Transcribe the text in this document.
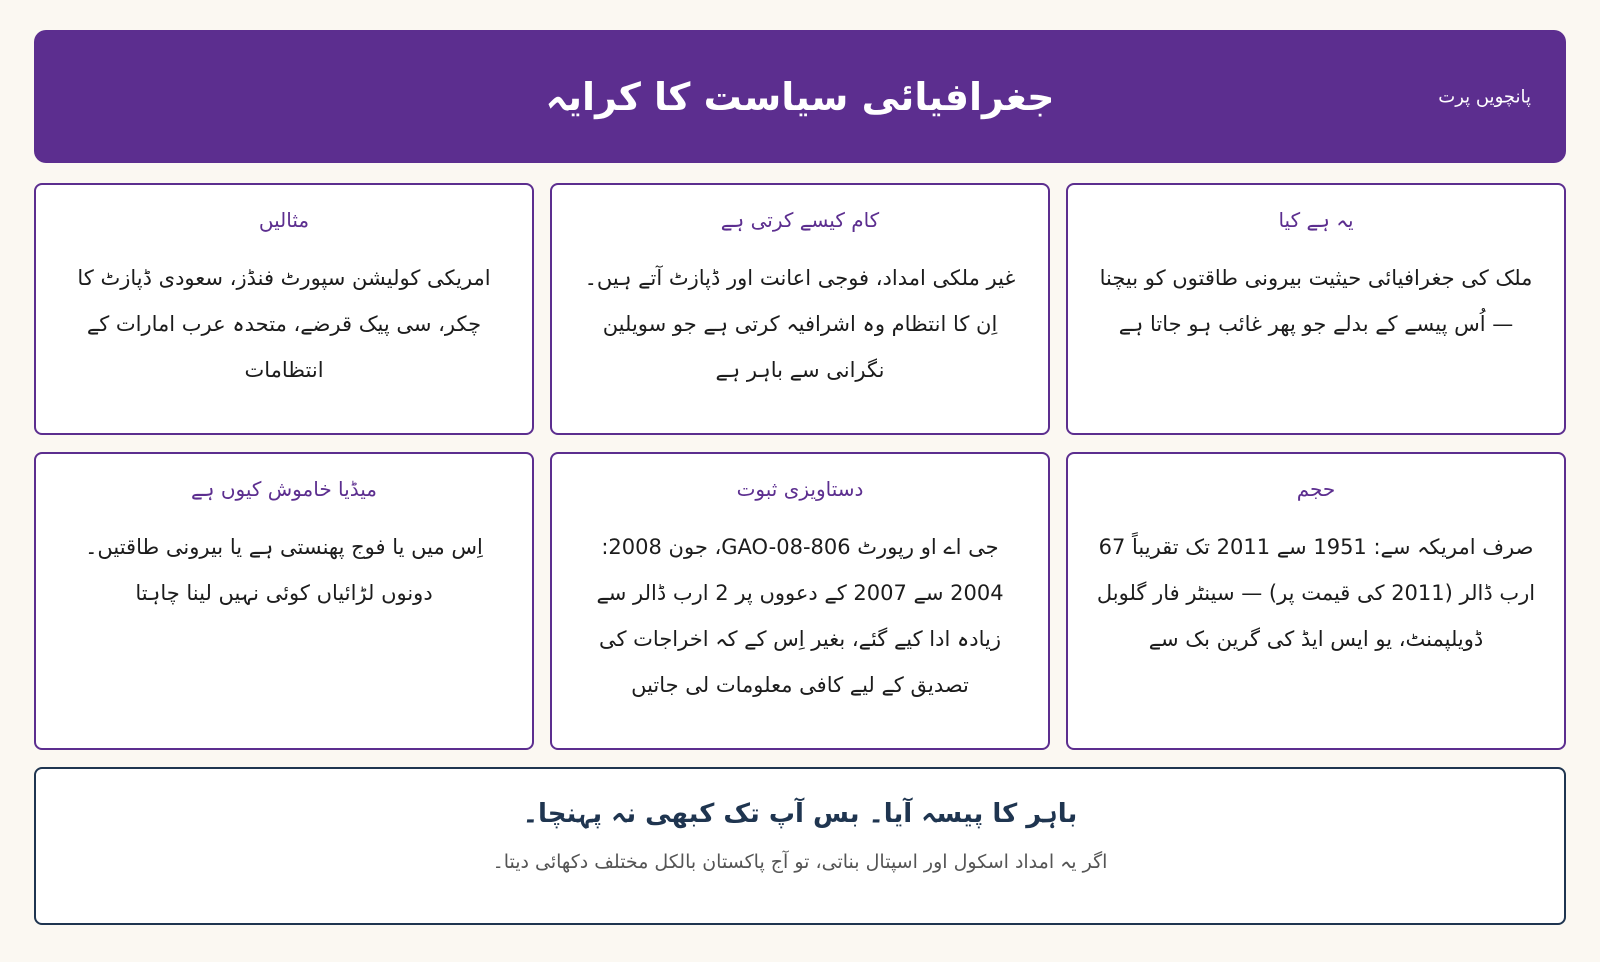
پانچویں پرت
جغرافیائی سیاست کا کرایہ
یہ ہے کیا
ملک کی جغرافیائی حیثیت بیرونی طاقتوں کو بیچنا — اُس پیسے کے بدلے جو پھر غائب ہو جاتا ہے
کام کیسے کرتی ہے
غیر ملکی امداد، فوجی اعانت اور ڈپازٹ آتے ہیں۔ اِن کا انتظام وہ اشرافیہ کرتی ہے جو سویلین نگرانی سے باہر ہے
مثالیں
امریکی کولیشن سپورٹ فنڈز، سعودی ڈپازٹ کا چکر، سی پیک قرضے، متحدہ عرب امارات کے انتظامات
حجم
صرف امریکہ سے: 1951 سے 2011 تک تقریباً 67 ارب ڈالر (2011 کی قیمت پر) — سینٹر فار گلوبل ڈویلپمنٹ، یو ایس ایڈ کی گرین بک سے
دستاویزی ثبوت
جی اے او رپورٹ GAO-08-806، جون 2008: 2004 سے 2007 کے دعووں پر 2 ارب ڈالر سے زیادہ ادا کیے گئے، بغیر اِس کے کہ اخراجات کی تصدیق کے لیے کافی معلومات لی جاتیں
میڈیا خاموش کیوں ہے
اِس میں یا فوج پھنستی ہے یا بیرونی طاقتیں۔ دونوں لڑائیاں کوئی نہیں لینا چاہتا
باہر کا پیسہ آیا۔ بس آپ تک کبھی نہ پہنچا۔
اگر یہ امداد اسکول اور اسپتال بناتی، تو آج پاکستان بالکل مختلف دکھائی دیتا۔
